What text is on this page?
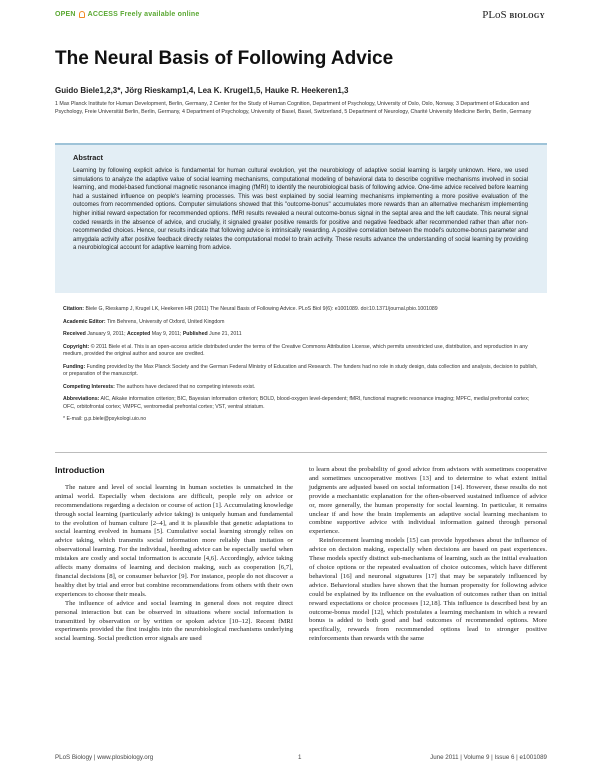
OPEN ACCESS Freely available online	PLoS BIOLOGY
The Neural Basis of Following Advice
Guido Biele1,2,3*, Jörg Rieskamp1,4, Lea K. Krugel1,5, Hauke R. Heekeren1,3
1 Max Planck Institute for Human Development, Berlin, Germany, 2 Center for the Study of Human Cognition, Department of Psychology, University of Oslo, Oslo, Norway, 3 Department of Education and Psychology, Freie Universität Berlin, Berlin, Germany, 4 Department of Psychology, University of Basel, Basel, Switzerland, 5 Department of Neurology, Charité University Medicine Berlin, Berlin, Germany
Abstract
Learning by following explicit advice is fundamental for human cultural evolution, yet the neurobiology of adaptive social learning is largely unknown. Here, we used simulations to analyze the adaptive value of social learning mechanisms, computational modeling of behavioral data to describe cognitive mechanisms involved in social learning, and model-based functional magnetic resonance imaging (fMRI) to identify the neurobiological basis of following advice. One-time advice received before learning had a sustained influence on people's learning processes. This was best explained by social learning mechanisms implementing a more positive evaluation of the outcomes from recommended options. Computer simulations showed that this "outcome-bonus" accumulates more rewards than an alternative mechanism implementing higher initial reward expectation for recommended options. fMRI results revealed a neural outcome-bonus signal in the septal area and the left caudate. This neural signal coded rewards in the absence of advice, and crucially, it signaled greater positive rewards for positive and negative feedback after recommended rather than after non-recommended choices. Hence, our results indicate that following advice is intrinsically rewarding. A positive correlation between the model's outcome-bonus parameter and amygdala activity after positive feedback directly relates the computational model to brain activity. These results advance the understanding of social learning by providing a neurobiological account for adaptive learning from advice.
Citation: Biele G, Rieskamp J, Krugel LK, Heekeren HR (2011) The Neural Basis of Following Advice. PLoS Biol 9(6): e1001089. doi:10.1371/journal.pbio.1001089
Academic Editor: Tim Behrens, University of Oxford, United Kingdom
Received January 9, 2011; Accepted May 9, 2011; Published June 21, 2011
Copyright: © 2011 Biele et al. This is an open-access article distributed under the terms of the Creative Commons Attribution License, which permits unrestricted use, distribution, and reproduction in any medium, provided the original author and source are credited.
Funding: Funding provided by the Max Planck Society and the German Federal Ministry of Education and Research. The funders had no role in study design, data collection and analysis, decision to publish, or preparation of the manuscript.
Competing Interests: The authors have declared that no competing interests exist.
Abbreviations: AIC, Aikake information criterion; BIC, Bayesian information criterion; BOLD, blood-oxygen level-dependent; fMRI, functional magnetic resonance imaging; MPFC, medial prefrontal cortex; OFC, orbitofrontal cortex; VMPFC, ventromedial prefrontal cortex; VST, ventral striatum.
* E-mail: g.p.biele@psykologi.uio.no
Introduction

The nature and level of social learning in human societies is unmatched in the animal world. Especially when decisions are difficult, people rely on advice or recommendations regarding a decision or course of action [1]. Accumulating knowledge through social learning (particularly advice taking) is uniquely human and fundamental to the evolution of human culture [2–4], and it is plausible that genetic adaptations to social learning evolved in humans [5]. Cumulative social learning strongly relies on advice taking, which transmits social information more reliably than imitation or observational learning. For the individual, heeding advice can be especially useful when mistakes are costly and social information is accurate [4,6]. Accordingly, advice taking affects many domains of learning and decision making, such as cooperation [6,7], financial decisions [8], or consumer behavior [9]. For instance, people do not discover a healthy diet by trial and error but combine recommendations from others with their own experiences to choose their meals.

The influence of advice and social learning in general does not require direct personal interaction but can be observed in situations where social information is transmitted by observation or by written or spoken advice [10–12]. Recent fMRI experiments provided the first insights into the neurobiological mechanisms underlying social learning. Social prediction error signals are used

to learn about the probability of good advice from advisors with sometimes cooperative and sometimes uncooperative motives [13] and to determine to what extent initial judgments are adjusted based on social information [14]. However, these results do not provide a mechanistic explanation for the often-observed sustained influence of advice or, more generally, the human propensity for social learning. In particular, it remains unclear if and how the brain implements an adaptive social learning mechanism to combine supportive advice with individual information gained through personal experience.

Reinforcement learning models [15] can provide hypotheses about the influence of advice on decision making, especially when decisions are based on past experiences. These models specify distinct sub-mechanisms of learning, such as the initial evaluation of choice options or the repeated evaluation of choice outcomes, which have different behavioral [16] and neuronal signatures [17] that may be separately influenced by advice. Behavioral studies have shown that the human propensity for following advice could be explained by its influence on the evaluation of outcomes rather than on initial reward expectations or choice processes [12,18]. This influence is described best by an outcome-bonus model [12], which postulates a learning mechanism in which a reward bonus is added to both good and bad outcomes of recommended options. More specifically, rewards from recommended options lead to stronger positive reinforcements than rewards with the same

PLoS Biology | www.plosbiology.org	1	June 2011 | Volume 9 | Issue 6 | e1001089
